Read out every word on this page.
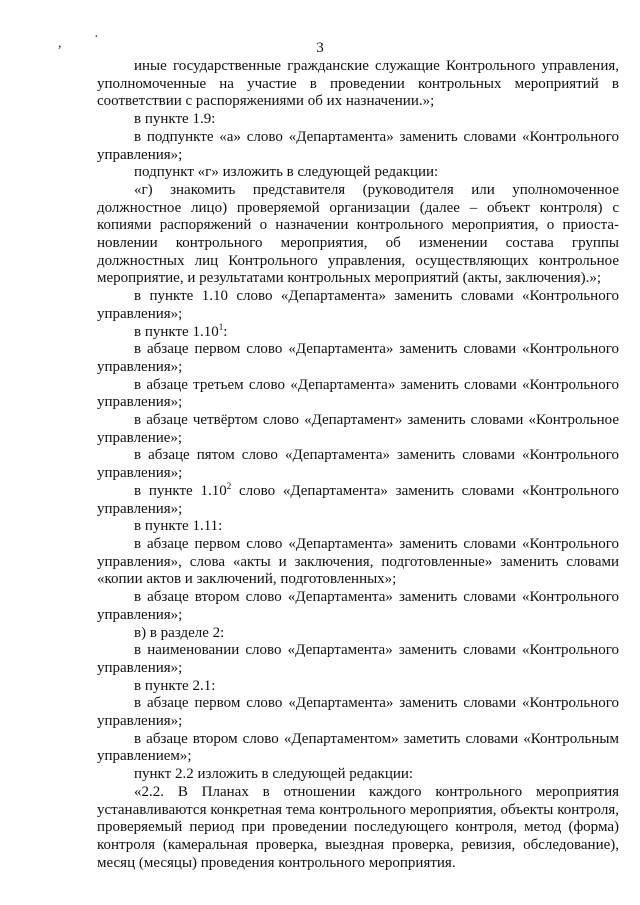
, ·
3

иные государственные гражданские служащие Контрольного управления, уполномоченные на участие в проведении контрольных мероприятий в соответствии с распоряжениями об их назначении.»;

в пункте 1.9:

в подпункте «а» слово «Департамента» заменить словами «Контрольного управления»;

подпункт «г» изложить в следующей редакции:

«г) знакомить представителя (руководителя или уполномоченное должностное лицо) проверяемой организации (далее – объект контроля) с копиями распоряжений о назначении контрольного мероприятия, о приоста-новлении контрольного мероприятия, об изменении состава группы должностных лиц Контрольного управления, осуществляющих контрольное мероприятие, и результатами контрольных мероприятий (акты, заключения).»;

в пункте 1.10 слово «Департамента» заменить словами «Контрольного управления»;

в пункте 1.10$^1$:

в абзаце первом слово «Департамента» заменить словами «Контрольного управления»;

в абзаце третьем слово «Департамента» заменить словами «Контрольного управления»;

в абзаце четвёртом слово «Департамент» заменить словами «Контрольное управление»;

в абзаце пятом слово «Департамента» заменить словами «Контрольного управления»;

в пункте 1.10$^2$ слово «Департамента» заменить словами «Контрольного управления»;

в пункте 1.11:

в абзаце первом слово «Департамента» заменить словами «Контрольного управления», слова «акты и заключения, подготовленные» заменить словами «копии актов и заключений, подготовленных»;

в абзаце втором слово «Департамента» заменить словами «Контрольного управления»;

в) в разделе 2:

в наименовании слово «Департамента» заменить словами «Контрольного управления»;

в пункте 2.1:

в абзаце первом слово «Департамента» заменить словами «Контрольного управления»;

в абзаце втором слово «Департаментом» заметить словами «Контрольным управлением»;

пункт 2.2 изложить в следующей редакции:

«2.2. В Планах в отношении каждого контрольного мероприятия устанавливаются конкретная тема контрольного мероприятия, объекты контроля, проверяемый период при проведении последующего контроля, метод (форма) контроля (камеральная проверка, выездная проверка, ревизия, обследование), месяц (месяцы) проведения контрольного мероприятия.
